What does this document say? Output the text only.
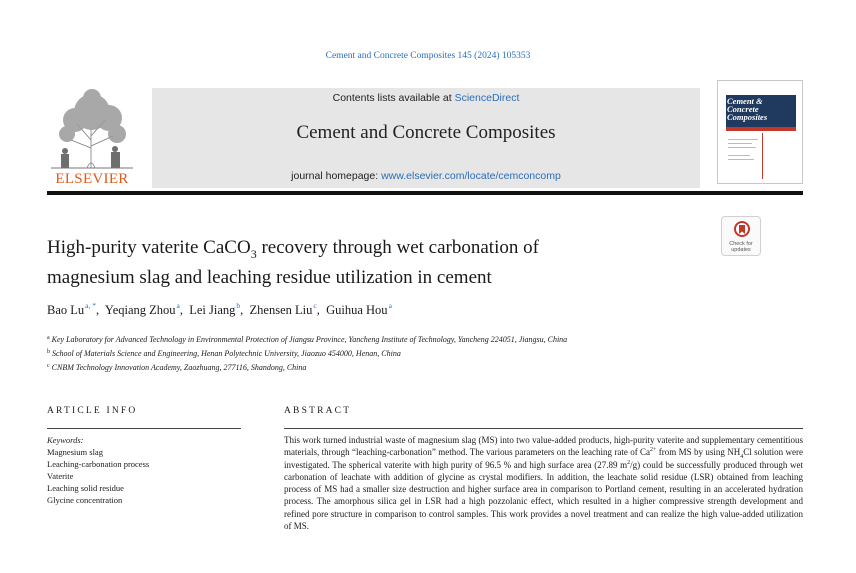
Cement and Concrete Composites 145 (2024) 105353
ELSEVIER
Contents lists available at ScienceDirect
Cement and Concrete Composites
journal homepage: www.elsevier.com/locate/cemconcomp
Cement &
Concrete
Composites
Check for
updates
High-purity vaterite CaCO$_3$ recovery through wet carbonation of
magnesium slag and leaching residue utilization in cement
Bao $Lu^{a, *}$,  Yeqiang Zhou$^a$,  Lei Jiang$^b$,  Zhensen Liu$^c$,  Guihua Hou$^a$
$^a$ Key Laboratory for Advanced Technology in Environmental Protection of Jiangsu Province, Yancheng Institute of Technology, Yancheng 224051, Jiangsu, China
$^b$ School of Materials Science and Engineering, Henan Polytechnic University, Jiaozuo 454000, Henan, China
$^c$ CNBM Technology Innovation Academy, Zaozhuang, 277116, Shandong, China
ARTICLE INFO	ABSTRACT
Keywords:
Magnesium slag
Leaching-carbonation process
Vaterite
Leaching solid residue
Glycine concentration
This work turned industrial waste of magnesium slag (MS) into two value-added products, high-purity vaterite and supplementary cementitious materials, through “leaching-carbonation” method. The various parameters on the leaching rate of $Ca^{2+}$ from MS by using $NH_4Cl$ solution were investigated. The spherical vaterite with high purity of 96.5 % and high surface area (27.89 $m^2/g$) could be successfully produced through wet carbonation of leachate with addition of glycine as crystal modifiers. In addition, the leachate solid residue (LSR) obtained from leaching process of MS had a smaller size destruction and higher surface area in comparison to Portland cement, resulting in an accelerated hydration process. The amorphous silica gel in LSR had a high pozzolanic effect, which resulted in a higher compressive strength development and refined pore structure in comparison to control samples. This work provides a novel treatment and can realize the high value-added utilization of MS.
